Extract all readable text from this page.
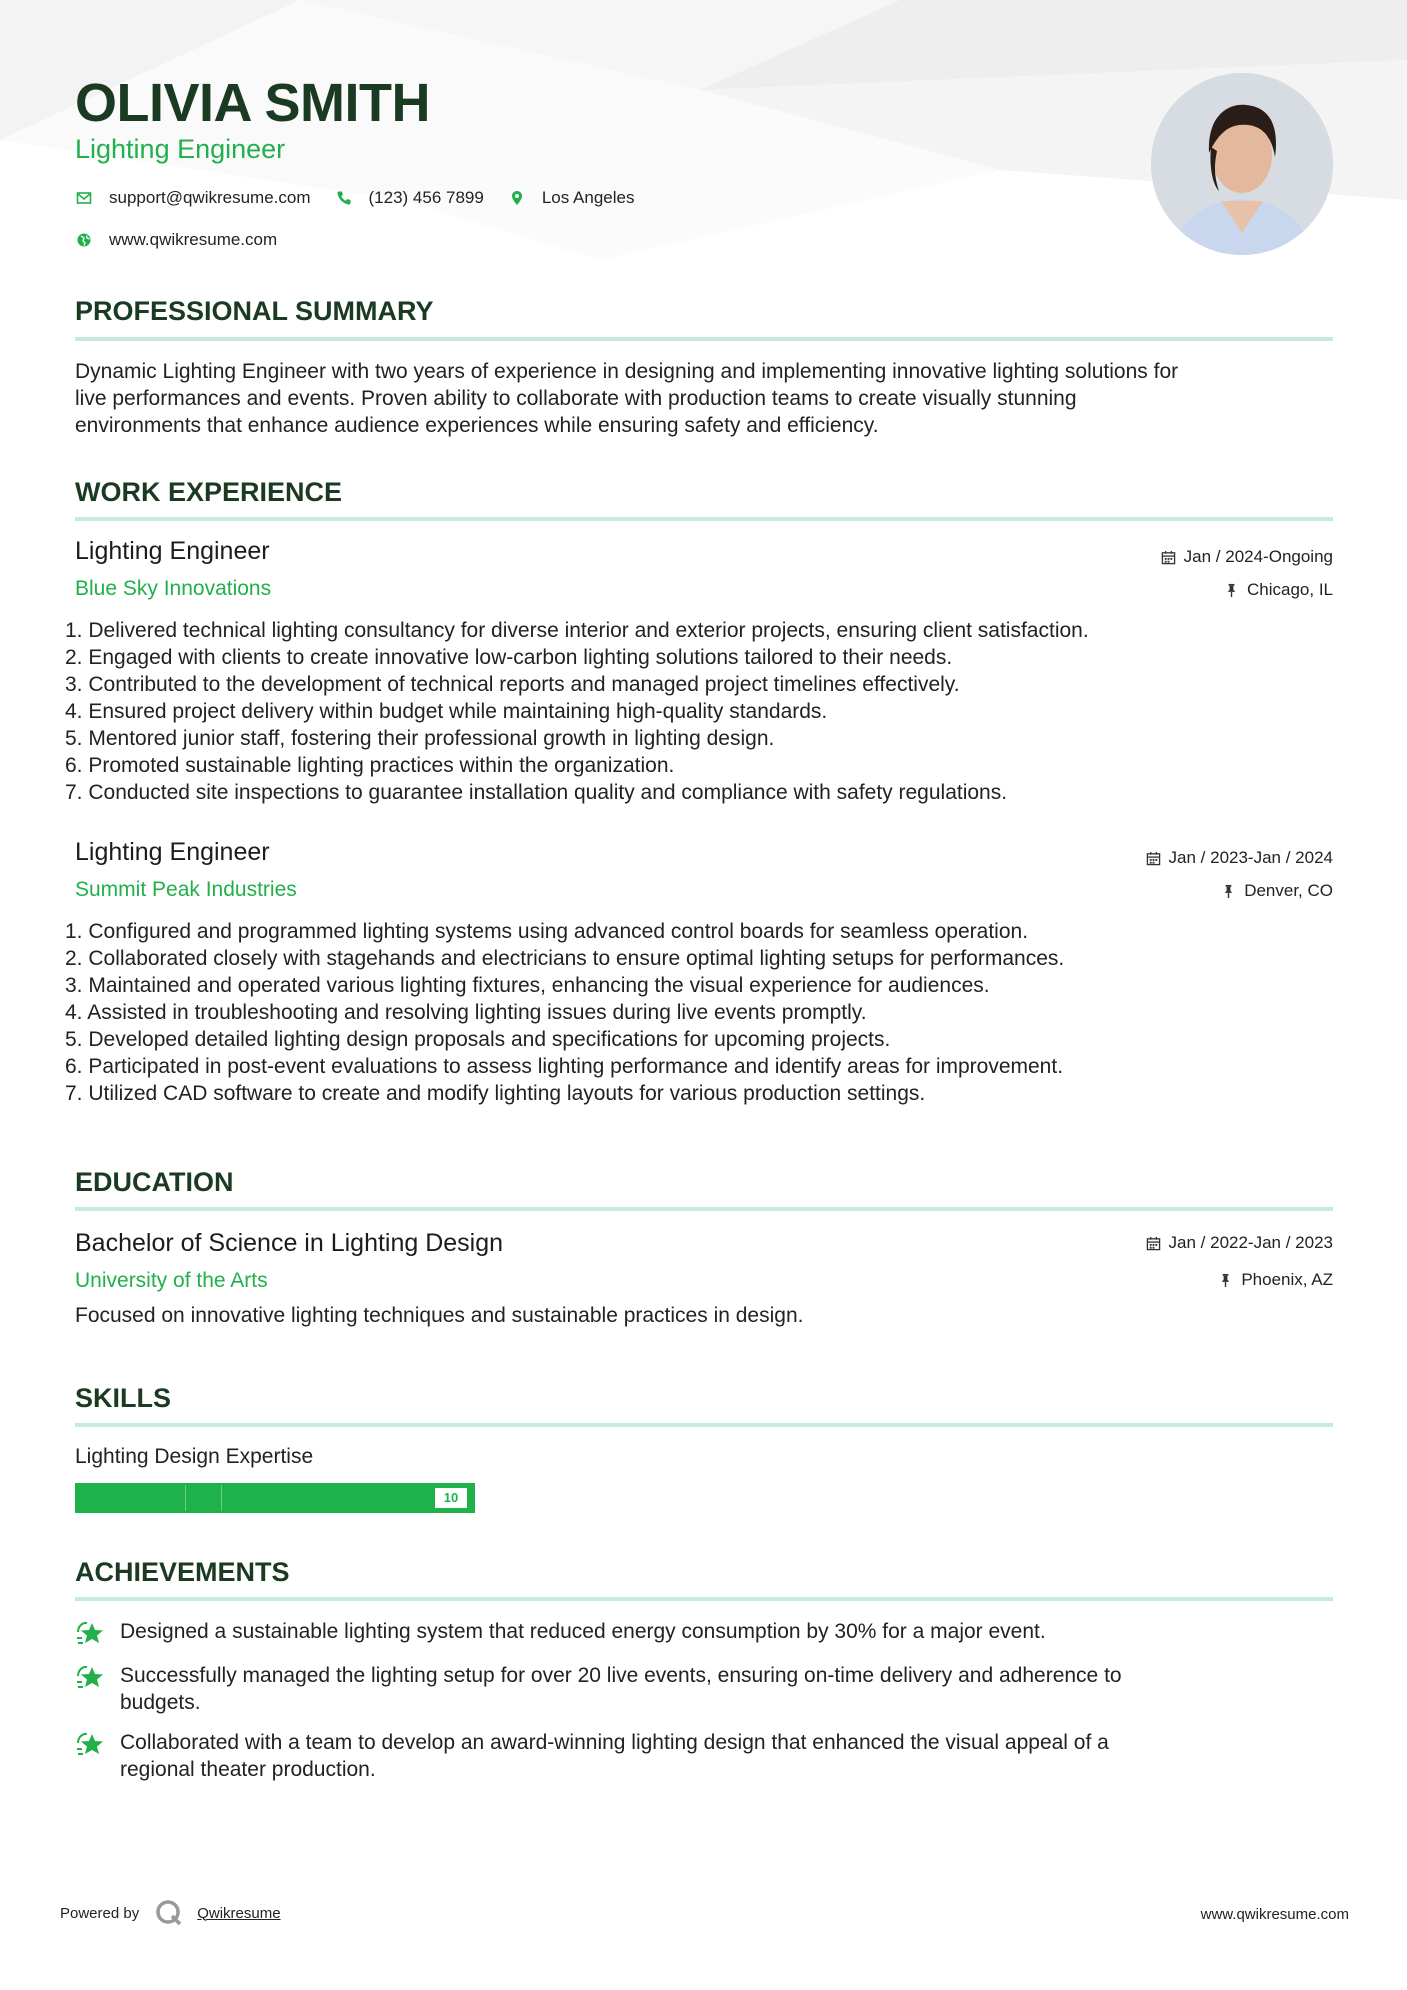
OLIVIA SMITH
Lighting Engineer
support@qwikresume.com	(123) 456 7899	Los Angeles
www.qwikresume.com
PROFESSIONAL SUMMARY

Dynamic Lighting Engineer with two years of experience in designing and implementing innovative lighting solutions for
live performances and events. Proven ability to collaborate with production teams to create visually stunning
environments that enhance audience experiences while ensuring safety and efficiency.

WORK EXPERIENCE
Lighting Engineer
Blue Sky Innovations
Jan / 2024-Ongoing
Chicago, IL
1. Delivered technical lighting consultancy for diverse interior and exterior projects, ensuring client satisfaction.
2. Engaged with clients to create innovative low-carbon lighting solutions tailored to their needs.
3. Contributed to the development of technical reports and managed project timelines effectively.
4. Ensured project delivery within budget while maintaining high-quality standards.
5. Mentored junior staff, fostering their professional growth in lighting design.
6. Promoted sustainable lighting practices within the organization.
7. Conducted site inspections to guarantee installation quality and compliance with safety regulations.
Lighting Engineer
Summit Peak Industries
Jan / 2023-Jan / 2024
Denver, CO
1. Configured and programmed lighting systems using advanced control boards for seamless operation.
2. Collaborated closely with stagehands and electricians to ensure optimal lighting setups for performances.
3. Maintained and operated various lighting fixtures, enhancing the visual experience for audiences.
4. Assisted in troubleshooting and resolving lighting issues during live events promptly.
5. Developed detailed lighting design proposals and specifications for upcoming projects.
6. Participated in post-event evaluations to assess lighting performance and identify areas for improvement.
7. Utilized CAD software to create and modify lighting layouts for various production settings.
EDUCATION
Bachelor of Science in Lighting Design
University of the Arts
Jan / 2022-Jan / 2023
Phoenix, AZ
Focused on innovative lighting techniques and sustainable practices in design.
SKILLS
Lighting Design Expertise
10
ACHIEVEMENTS
Designed a sustainable lighting system that reduced energy consumption by 30% for a major event.
Successfully managed the lighting setup for over 20 live events, ensuring on-time delivery and adherence to
budgets.
Collaborated with a team to develop an award-winning lighting design that enhanced the visual appeal of a
regional theater production.
Powered by	Qwikresume	www.qwikresume.com
